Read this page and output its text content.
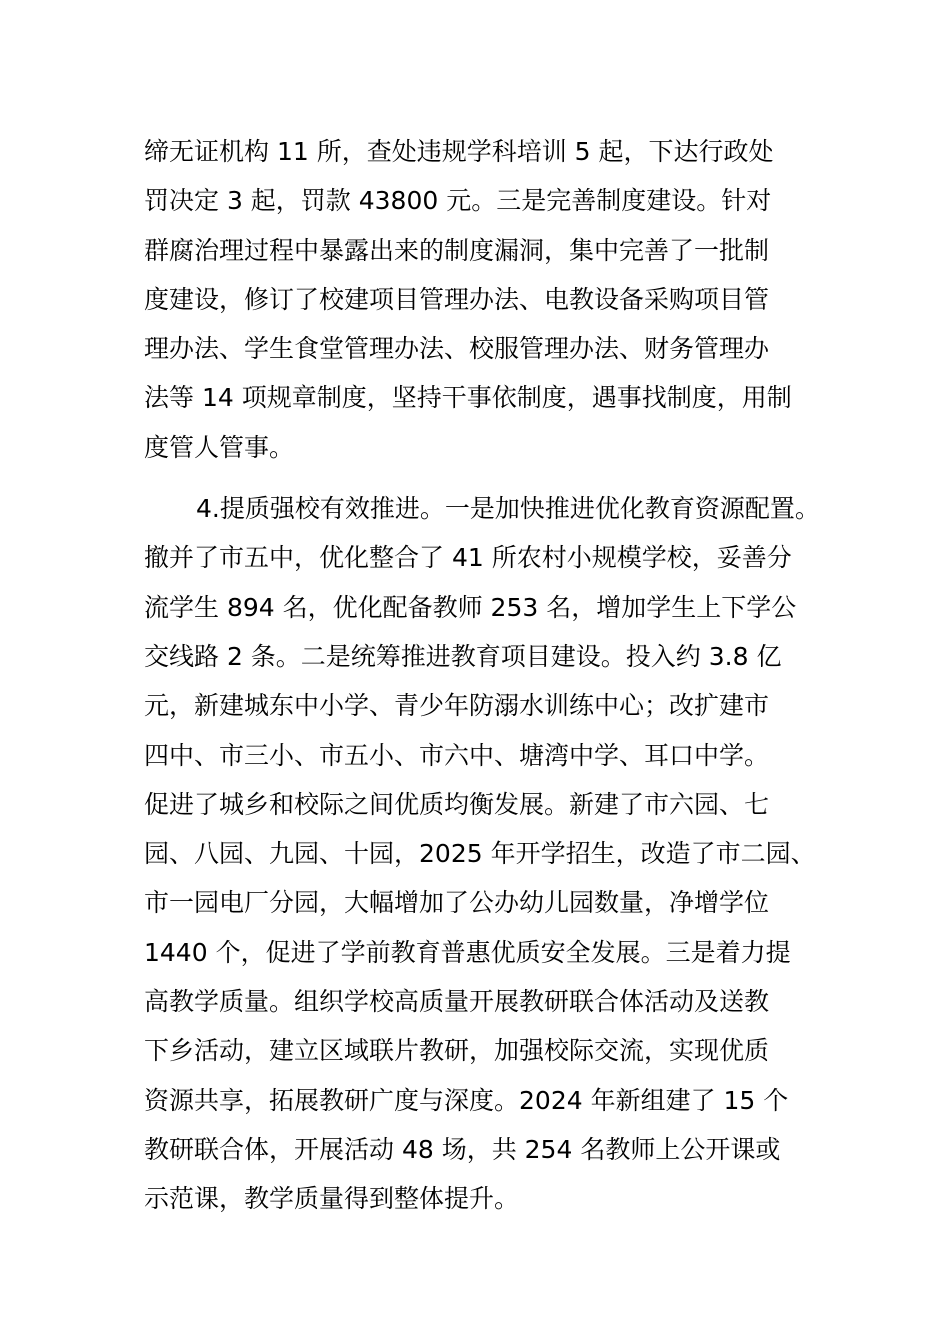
缔无证机构 11 所，查处违规学科培训 5 起，下达行政处
罚决定 3 起，罚款 43800 元。三是完善制度建设。针对
群腐治理过程中暴露出来的制度漏洞，集中完善了一批制
度建设，修订了校建项目管理办法、电教设备采购项目管
理办法、学生食堂管理办法、校服管理办法、财务管理办
法等 14 项规章制度，坚持干事依制度，遇事找制度，用制
度管人管事。
4.提质强校有效推进。一是加快推进优化教育资源配置。
撤并了市五中，优化整合了 41 所农村小规模学校，妥善分
流学生 894 名，优化配备教师 253 名，增加学生上下学公
交线路 2 条。二是统筹推进教育项目建设。投入约 3.8 亿
元，新建城东中小学、青少年防溺水训练中心；改扩建市
四中、市三小、市五小、市六中、塘湾中学、耳口中学。
促进了城乡和校际之间优质均衡发展。新建了市六园、七
园、八园、九园、十园，2025 年开学招生，改造了市二园、
市一园电厂分园，大幅增加了公办幼儿园数量，净增学位
1440 个，促进了学前教育普惠优质安全发展。三是着力提
高教学质量。组织学校高质量开展教研联合体活动及送教
下乡活动，建立区域联片教研，加强校际交流，实现优质
资源共享，拓展教研广度与深度。2024 年新组建了 15 个
教研联合体，开展活动 48 场，共 254 名教师上公开课或
示范课，教学质量得到整体提升。
